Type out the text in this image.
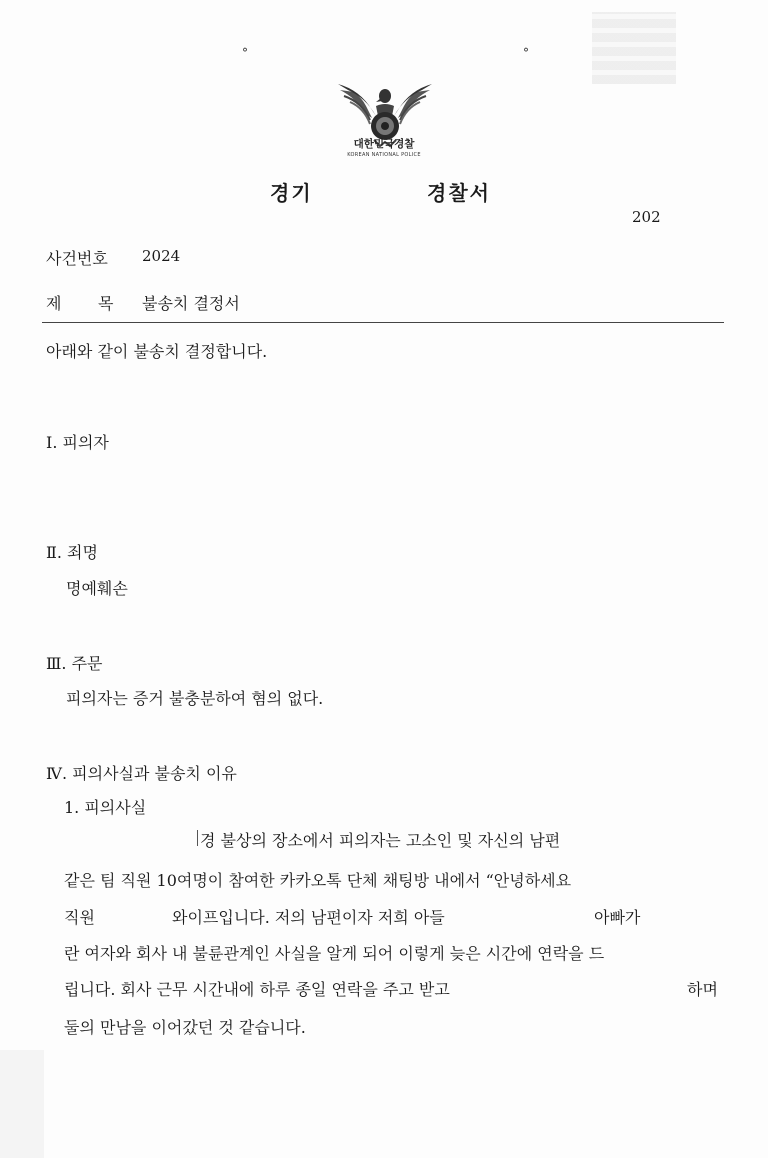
°	°
대한민국경찰
KOREAN NATIONAL POLICE
경기	경찰서
202
사건번호 2024
제 목 불송치 결정서
아래와 같이 불송치 결정합니다.
Ⅰ. 피의자
Ⅱ. 죄명
명예훼손
Ⅲ. 주문
피의자는 증거 불충분하여 혐의 없다.
Ⅳ. 피의사실과 불송치 이유
1. 피의사실
경 불상의 장소에서 피의자는 고소인 및 자신의 남편
같은 팀 직원 10여명이 참여한 카카오톡 단체 채팅방 내에서 “안녕하세요
직원	와이프입니다. 저의 남편이자 저희 아들	아빠가
란 여자와 회사 내 불륜관계인 사실을 알게 되어 이렇게 늦은 시간에 연락을 드
립니다. 회사 근무 시간내에 하루 종일 연락을 주고 받고	하며
둘의 만남을 이어갔던 것 같습니다.
